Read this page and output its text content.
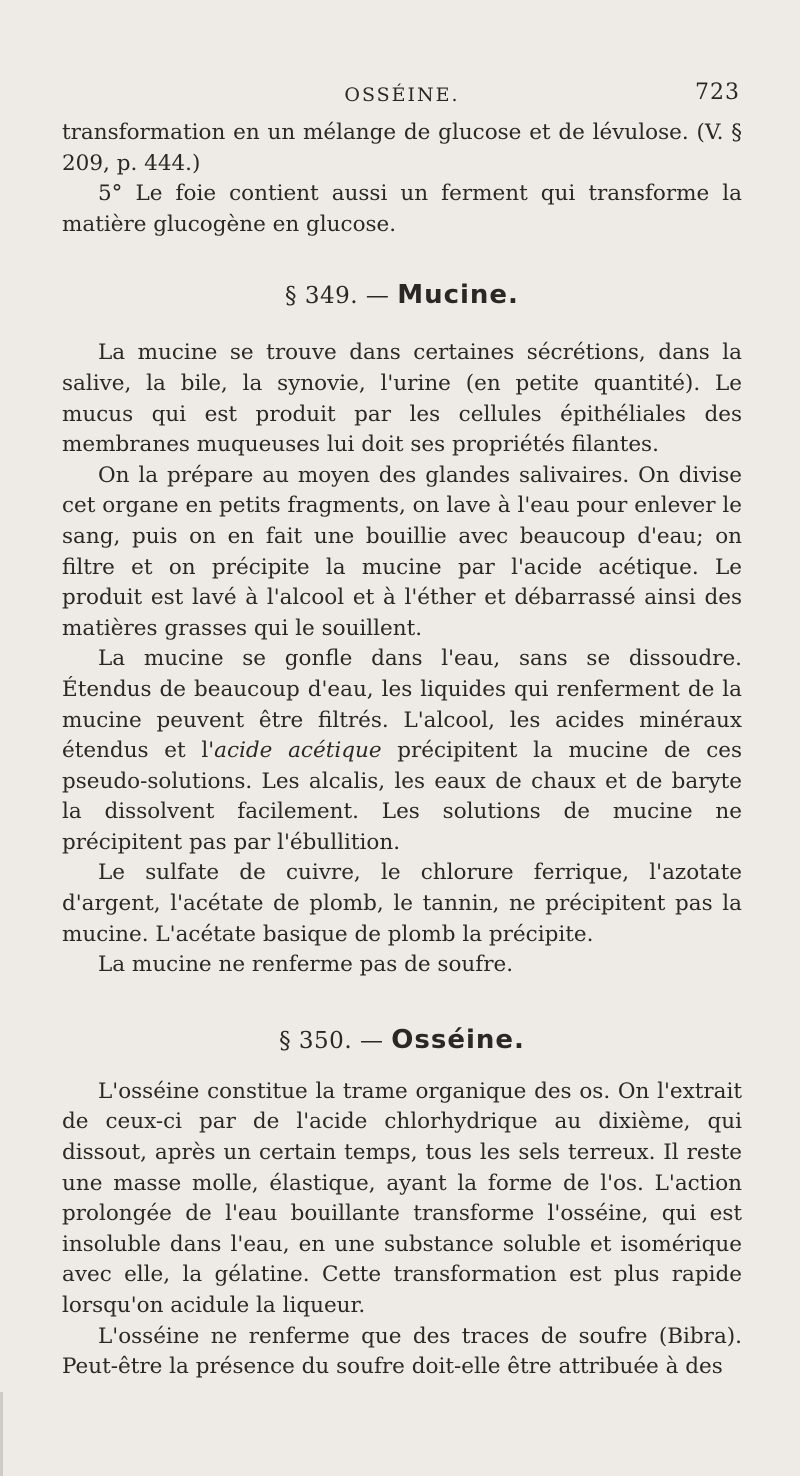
OSSÉINE.	723

transformation en un mélange de glucose et de lévulose. (V. § 209, p. 444.)

5° Le foie contient aussi un ferment qui transforme la matière glucogène en glucose.

§ 349. — Mucine.

La mucine se trouve dans certaines sécrétions, dans la salive, la bile, la synovie, l'urine (en petite quantité). Le mucus qui est produit par les cellules épithéliales des membranes muqueuses lui doit ses propriétés filantes.

On la prépare au moyen des glandes salivaires. On divise cet organe en petits fragments, on lave à l'eau pour enlever le sang, puis on en fait une bouillie avec beaucoup d'eau; on filtre et on précipite la mucine par l'acide acétique. Le produit est lavé à l'alcool et à l'éther et débarrassé ainsi des matières grasses qui le souillent.

La mucine se gonfle dans l'eau, sans se dissoudre. Étendus de beaucoup d'eau, les liquides qui renferment de la mucine peuvent être filtrés. L'alcool, les acides minéraux étendus et l'acide acétique précipitent la mucine de ces pseudo-solutions. Les alcalis, les eaux de chaux et de baryte la dissolvent facilement. Les solutions de mucine ne précipitent pas par l'ébullition.

Le sulfate de cuivre, le chlorure ferrique, l'azotate d'argent, l'acétate de plomb, le tannin, ne précipitent pas la mucine. L'acétate basique de plomb la précipite.

La mucine ne renferme pas de soufre.

§ 350. — Osséine.

L'osséine constitue la trame organique des os. On l'extrait de ceux-ci par de l'acide chlorhydrique au dixième, qui dissout, après un certain temps, tous les sels terreux. Il reste une masse molle, élastique, ayant la forme de l'os. L'action prolongée de l'eau bouillante transforme l'osséine, qui est insoluble dans l'eau, en une substance soluble et isomérique avec elle, la gélatine. Cette transformation est plus rapide lorsqu'on acidule la liqueur.

L'osséine ne renferme que des traces de soufre (Bibra). Peut-être la présence du soufre doit-elle être attribuée à des
